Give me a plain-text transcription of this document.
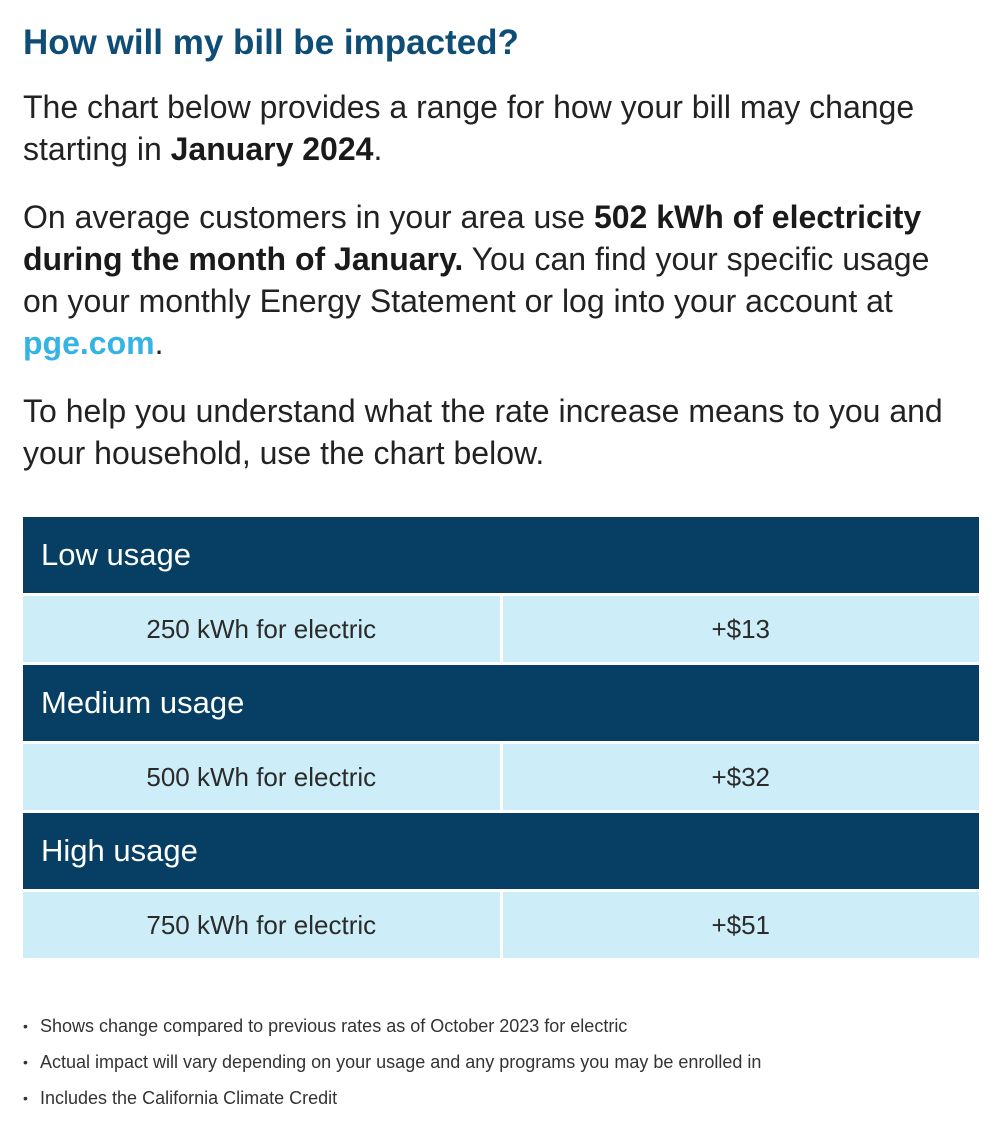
How will my bill be impacted?

The chart below provides a range for how your bill may change starting in January 2024.

On average customers in your area use 502 kWh of electricity during the month of January. You can find your specific usage on your monthly Energy Statement or log into your account at pge.com.

To help you understand what the rate increase means to you and your household, use the chart below.

Low usage
250 kWh for electric	+$13
Medium usage
500 kWh for electric	+$32
High usage
750 kWh for electric	+$51
• Shows change compared to previous rates as of October 2023 for electric
• Actual impact will vary depending on your usage and any programs you may be enrolled in
• Includes the California Climate Credit
